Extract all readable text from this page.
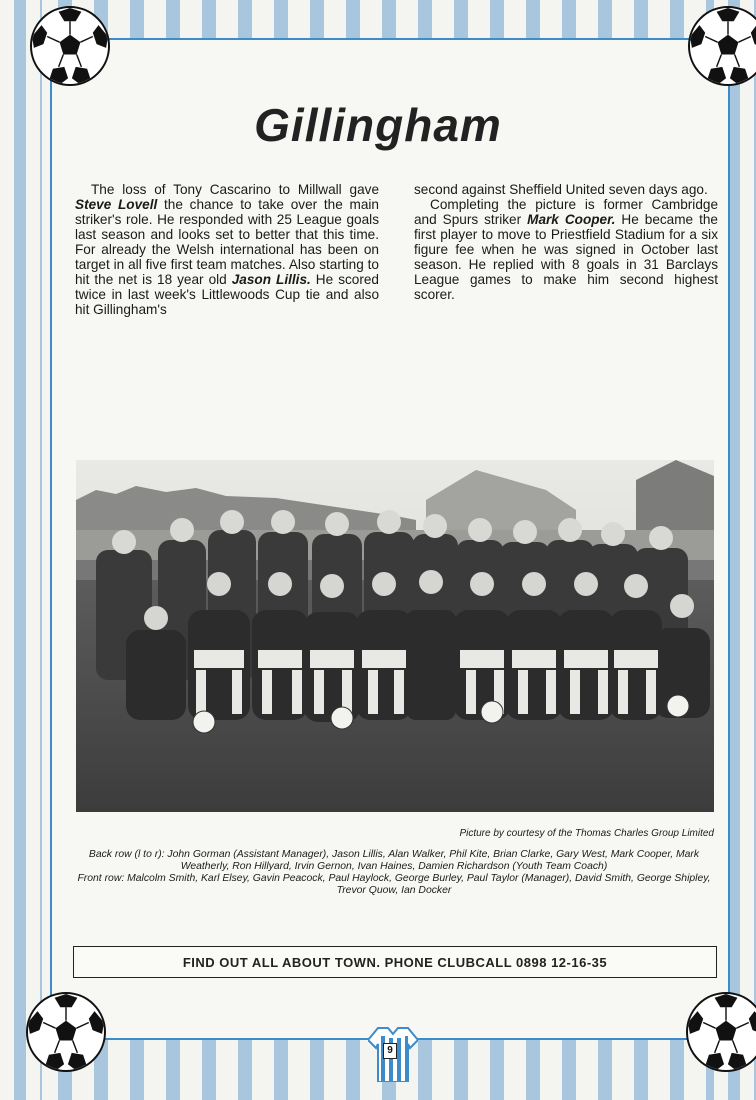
Gillingham

The loss of Tony Cascarino to Millwall gave Steve Lovell the chance to take over the main striker's role. He responded with 25 League goals last season and looks set to better that this time. For already the Welsh international has been on target in all five first team matches. Also starting to hit the net is 18 year old Jason Lillis. He scored twice in last week's Littlewoods Cup tie and also hit Gillingham's

second against Sheffield United seven days ago.

Completing the picture is former Cambridge and Spurs striker Mark Cooper. He became the first player to move to Priestfield Stadium for a six figure fee when he was signed in October last season. He replied with 8 goals in 31 Barclays League games to make him second highest scorer.

Picture by courtesy of the Thomas Charles Group Limited
Back row (l to r): John Gorman (Assistant Manager), Jason Lillis, Alan Walker, Phil Kite, Brian Clarke, Gary West, Mark Cooper, Mark Weatherly, Ron Hillyard, Irvin Gernon, Ivan Haines, Damien Richardson (Youth Team Coach)
Front row: Malcolm Smith, Karl Elsey, Gavin Peacock, Paul Haylock, George Burley, Paul Taylor (Manager), David Smith, George Shipley, Trevor Quow, Ian Docker
FIND OUT ALL ABOUT TOWN. PHONE CLUBCALL 0898 12-16-35
9
